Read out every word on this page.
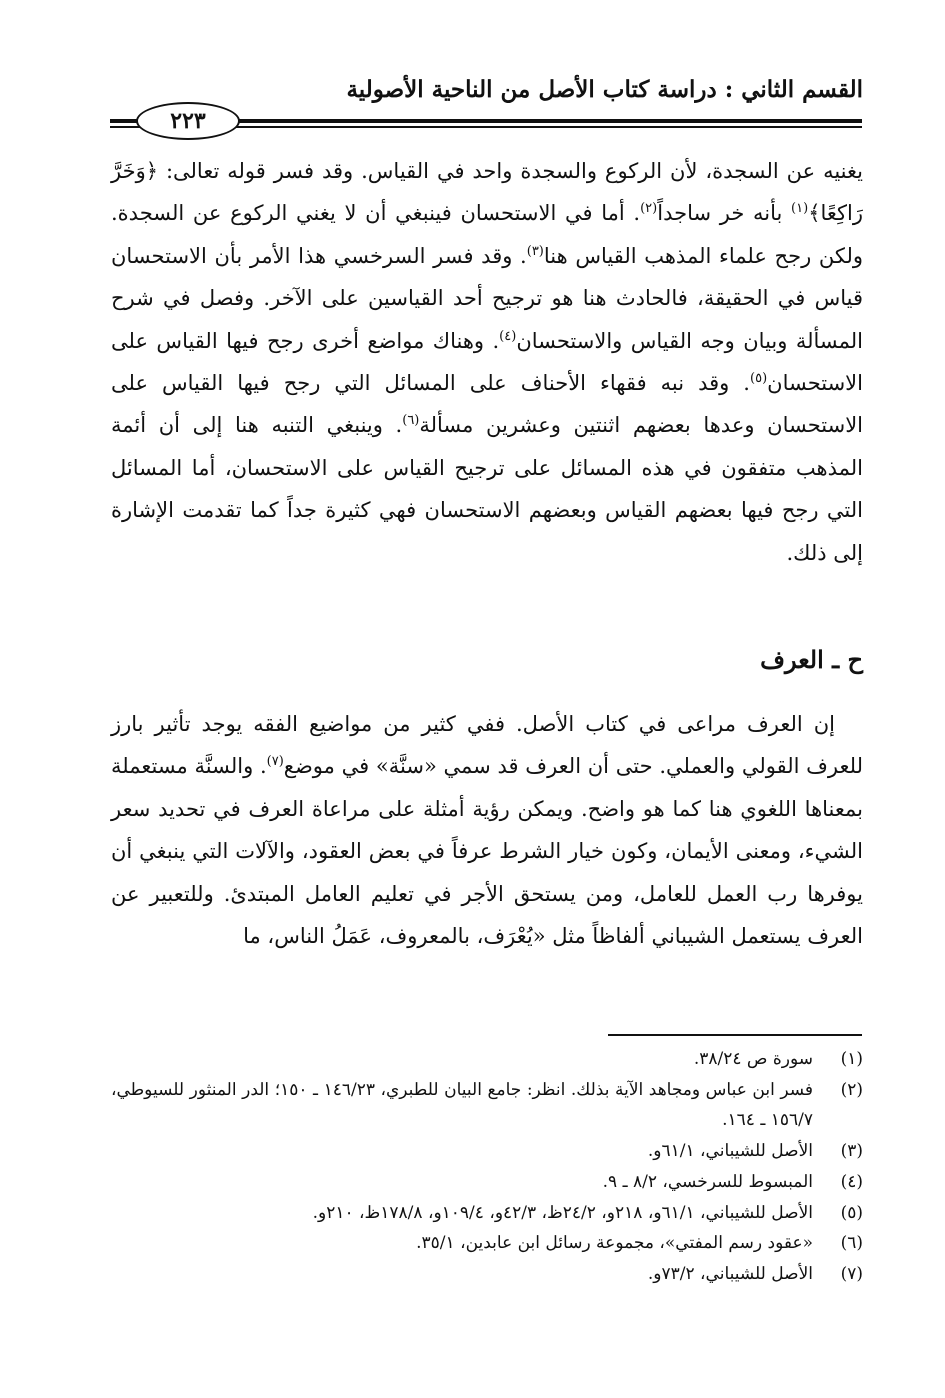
القسم الثاني : دراسة كتاب الأصل من الناحية الأصولية
٢٢٣

يغنيه عن السجدة، لأن الركوع والسجدة واحد في القياس. وقد فسر قوله تعالى: ﴿وَخَرَّ رَاكِعًا﴾$^{(١)}$ بأنه خر ساجداً$^{(٢)}$. أما في الاستحسان فينبغي أن لا يغني الركوع عن السجدة. ولكن رجح علماء المذهب القياس هنا$^{(٣)}$. وقد فسر السرخسي هذا الأمر بأن الاستحسان قياس في الحقيقة، فالحادث هنا هو ترجيح أحد القياسين على الآخر. وفصل في شرح المسألة وبيان وجه القياس والاستحسان$^{(٤)}$. وهناك مواضع أخرى رجح فيها القياس على الاستحسان$^{(٥)}$. وقد نبه فقهاء الأحناف على المسائل التي رجح فيها القياس على الاستحسان وعدها بعضهم اثنتين وعشرين مسألة$^{(٦)}$. وينبغي التنبه هنا إلى أن أئمة المذهب متفقون في هذه المسائل على ترجيح القياس على الاستحسان، أما المسائل التي رجح فيها بعضهم القياس وبعضهم الاستحسان فهي كثيرة جداً كما تقدمت الإشارة إلى ذلك.

ح ـ العرف

إن العرف مراعى في كتاب الأصل. ففي كثير من مواضيع الفقه يوجد تأثير بارز للعرف القولي والعملي. حتى أن العرف قد سمي «سنَّة» في موضع$^{(٧)}$. والسنَّة مستعملة بمعناها اللغوي هنا كما هو واضح. ويمكن رؤية أمثلة على مراعاة العرف في تحديد سعر الشيء، ومعنى الأيمان، وكون خيار الشرط عرفاً في بعض العقود، والآلات التي ينبغي أن يوفرها رب العمل للعامل، ومن يستحق الأجر في تعليم العامل المبتدئ. وللتعبير عن العرف يستعمل الشيباني ألفاظاً مثل «يُعْرَف، بالمعروف، عَمَلُ الناس، ما

(١)
سورة ص ٣٨/٢٤.
(٢)
فسر ابن عباس ومجاهد الآية بذلك. انظر: جامع البيان للطبري، ١٤٦/٢٣ ـ ١٥٠؛ الدر المنثور للسيوطي، ١٥٦/٧ ـ ١٦٤.
(٣)
الأصل للشيباني، ٦١/١و.
(٤)
المبسوط للسرخسي، ٨/٢ ـ ٩.
(٥)
الأصل للشيباني، ٦١/١و، ٢١٨و، ٢٤/٢ظ، ٤٢/٣و، ١٠٩/٤و، ١٧٨/٨ظ، ٢١٠و.
(٦)
«عقود رسم المفتي»، مجموعة رسائل ابن عابدين، ٣٥/١.
(٧)
الأصل للشيباني، ٧٣/٢و.
